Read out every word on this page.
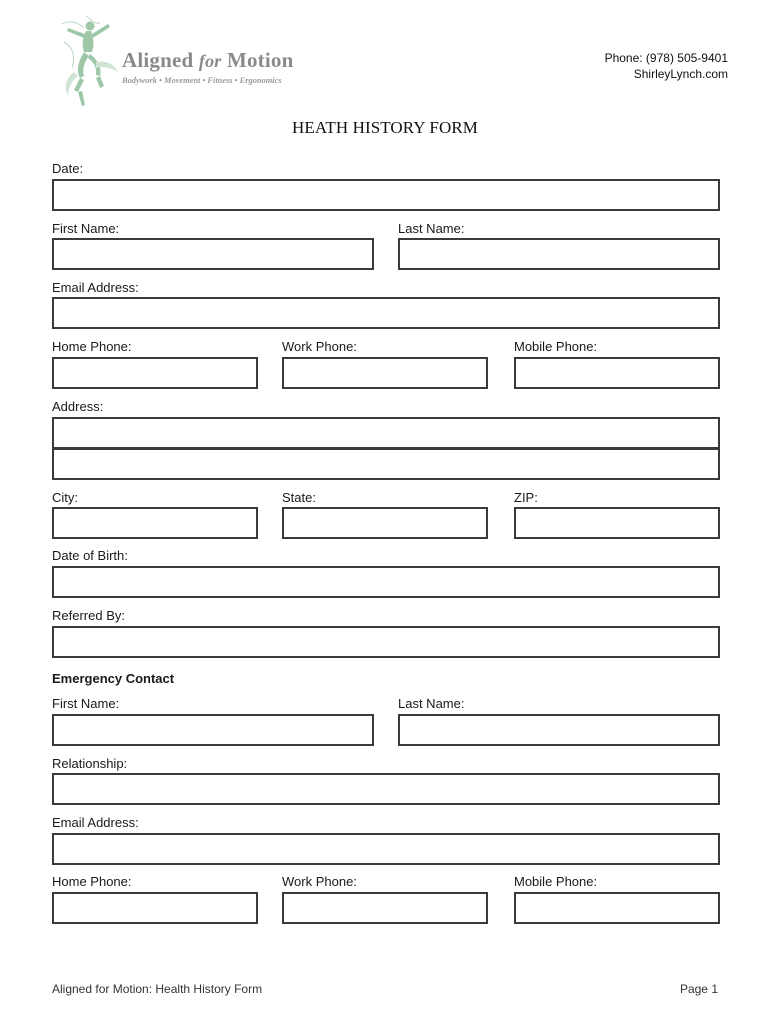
Aligned for Motion
Bodywork • Movement • Fitness • Ergonomics
Phone: (978) 505-9401
ShirleyLynch.com
HEATH HISTORY FORM
Date:
First Name:	Last Name:
Email Address:
Home Phone:	Work Phone:	Mobile Phone:
Address:
City:	State:	ZIP:
Date of Birth:
Referred By:
Emergency Contact
First Name:	Last Name:
Relationship:
Email Address:
Home Phone:	Work Phone:	Mobile Phone:
Aligned for Motion: Health History Form	Page 1
